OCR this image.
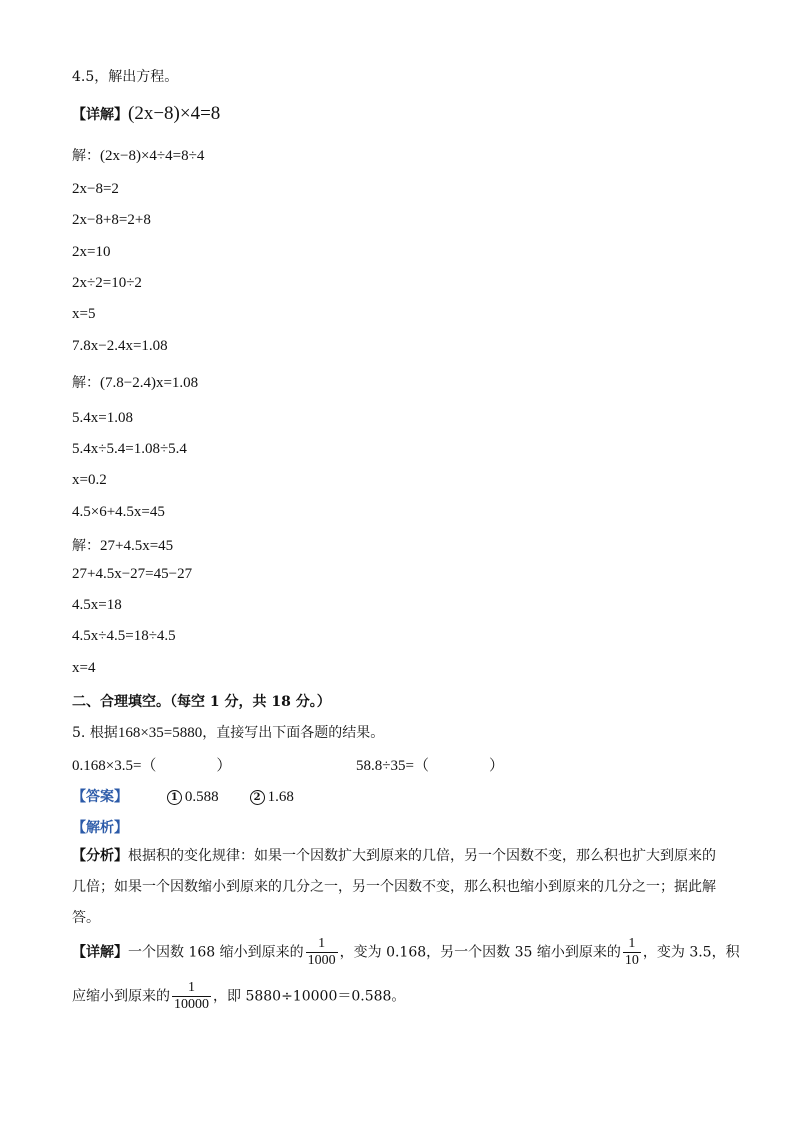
4.5，解出方程。
【详解】(2x−8)×4=8
解：(2x−8)×4÷4=8÷4
2x−8=2
2x−8+8=2+8
2x=10
2x÷2=10÷2
x=5
7.8x−2.4x=1.08
解：(7.8−2.4)x=1.08
5.4x=1.08
5.4x÷5.4=1.08÷5.4
x=0.2
4.5×6+4.5x=45
解：27+4.5x=45
27+4.5x−27=45−27
4.5x=18
4.5x÷4.5=18÷4.5
x=4
二、合理填空。（每空 1 分，共 18 分。）
5. 根据168×35=5880，直接写出下面各题的结果。
0.168×3.5=（　　　　）	58.8÷35=（　　　　）
【答案】	1 0.588	2 1.68
【解析】
【分析】根据积的变化规律：如果一个因数扩大到原来的几倍，另一个因数不变，那么积也扩大到原来的
几倍；如果一个因数缩小到原来的几分之一，另一个因数不变，那么积也缩小到原来的几分之一；据此解
答。
【详解】一个因数 168 缩小到原来的 $\frac{1}{1000}$ ，变为 0.168，另一个因数 35 缩小到原来的 $\frac{1}{10}$ ，变为 3.5，积
应缩小到原来的 $\frac{1}{10000}$ ，即 5880÷10000＝0.588。
